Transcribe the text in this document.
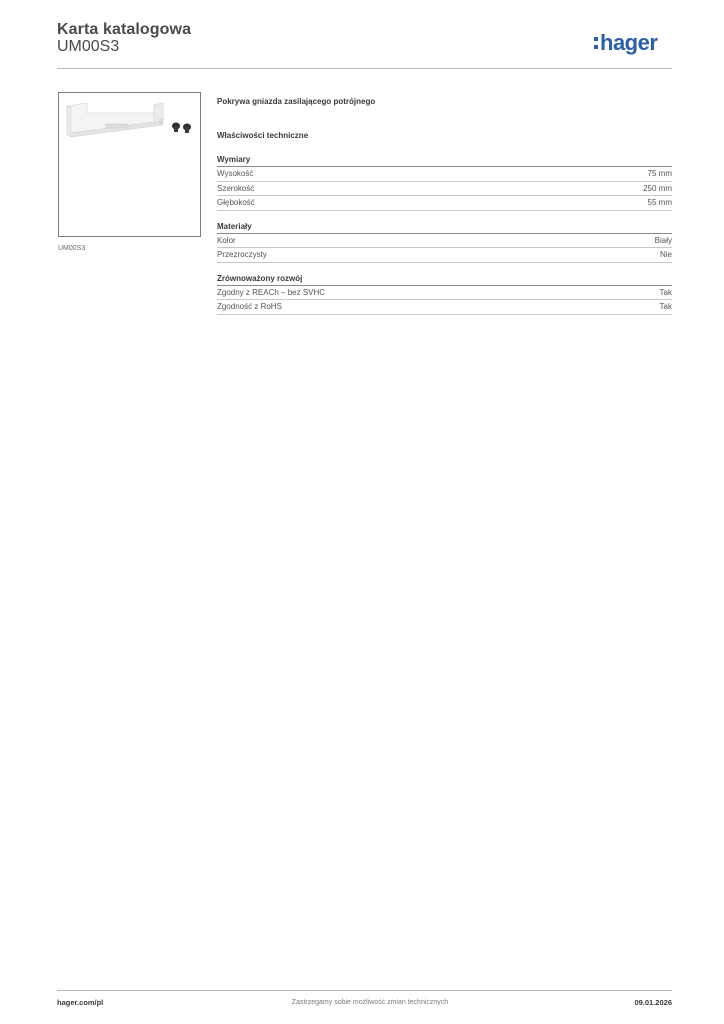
Karta katalogowa
UM00S3	hager
UM00S3
Pokrywa gniazda zasilającego potrójnego
Właściwości techniczne
Wymiary
Wysokość	75 mm
Szerokość	250 mm
Głębokość	55 mm
Materiały
Kolor	Biały
Przezroczysty	Nie
Zrównoważony rozwój
Zgodny z REACh – bez SVHC	Tak
Zgodność z RoHS	Tak
hager.com/pl	Zastrzegamy sobie możliwość zmian technicznych	09.01.2026
